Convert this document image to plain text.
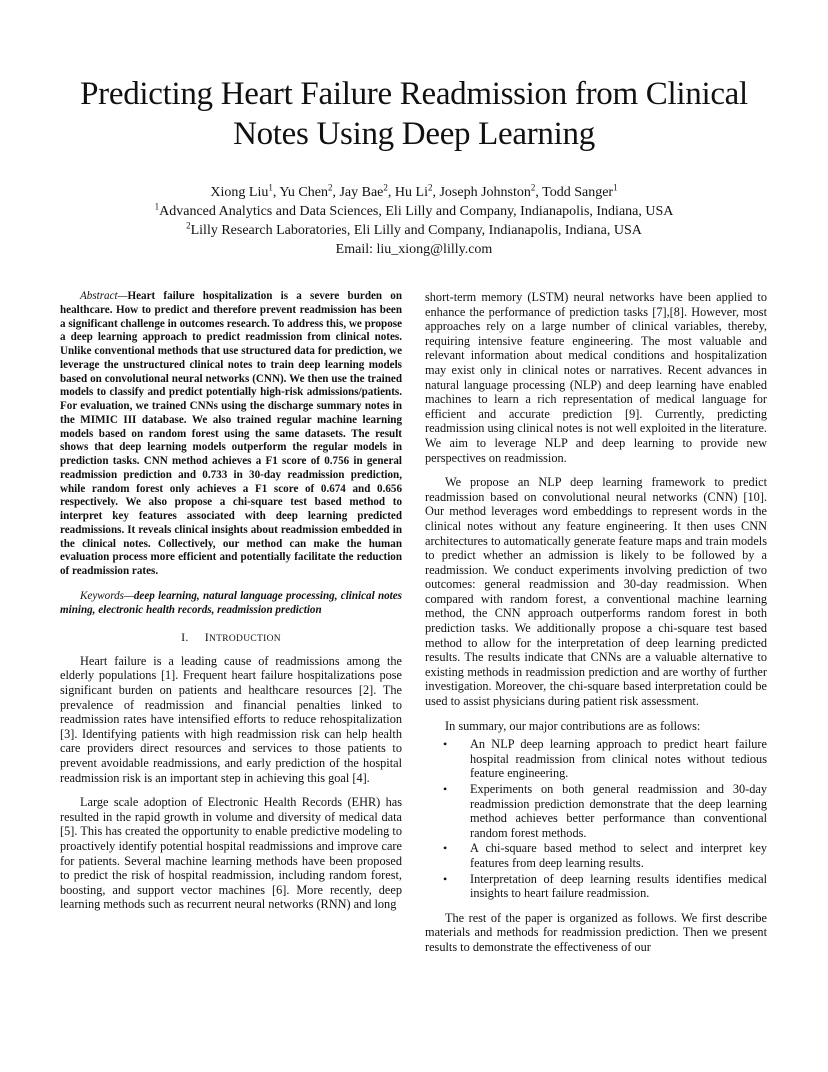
Predicting Heart Failure Readmission from Clinical
Notes Using Deep Learning
Xiong Liu$^1$, Yu Chen$^2$, Jay Bae$^2$, Hu Li$^2$, Joseph Johnston$^2$, Todd Sanger$^1$
$^1$Advanced Analytics and Data Sciences, Eli Lilly and Company, Indianapolis, Indiana, USA
$^2$Lilly Research Laboratories, Eli Lilly and Company, Indianapolis, Indiana, USA
Email: liu_xiong@lilly.com

Abstract—Heart failure hospitalization is a severe burden on healthcare. How to predict and therefore prevent readmission has been a significant challenge in outcomes research. To address this, we propose a deep learning approach to predict readmission from clinical notes. Unlike conventional methods that use structured data for prediction, we leverage the unstructured clinical notes to train deep learning models based on convolutional neural networks (CNN). We then use the trained models to classify and predict potentially high-risk admissions/patients. For evaluation, we trained CNNs using the discharge summary notes in the MIMIC III database. We also trained regular machine learning models based on random forest using the same datasets. The result shows that deep learning models outperform the regular models in prediction tasks. CNN method achieves a F1 score of 0.756 in general readmission prediction and 0.733 in 30-day readmission prediction, while random forest only achieves a F1 score of 0.674 and 0.656 respectively. We also propose a chi-square test based method to interpret key features associated with deep learning predicted readmissions. It reveals clinical insights about readmission embedded in the clinical notes. Collectively, our method can make the human evaluation process more efficient and potentially facilitate the reduction of readmission rates.

Keywords—deep learning, natural language processing, clinical notes mining, electronic health records, readmission prediction

I. INTRODUCTION

Heart failure is a leading cause of readmissions among the elderly populations [1]. Frequent heart failure hospitalizations pose significant burden on patients and healthcare resources [2]. The prevalence of readmission and financial penalties linked to readmission rates have intensified efforts to reduce rehospitalization [3]. Identifying patients with high readmission risk can help health care providers direct resources and services to those patients to prevent avoidable readmissions, and early prediction of the hospital readmission risk is an important step in achieving this goal [4].

Large scale adoption of Electronic Health Records (EHR) has resulted in the rapid growth in volume and diversity of medical data [5]. This has created the opportunity to enable predictive modeling to proactively identify potential hospital readmissions and improve care for patients. Several machine learning methods have been proposed to predict the risk of hospital readmission, including random forest, boosting, and support vector machines [6]. More recently, deep learning methods such as recurrent neural networks (RNN) and long

short-term memory (LSTM) neural networks have been applied to enhance the performance of prediction tasks [7],[8]. However, most approaches rely on a large number of clinical variables, thereby, requiring intensive feature engineering. The most valuable and relevant information about medical conditions and hospitalization may exist only in clinical notes or narratives. Recent advances in natural language processing (NLP) and deep learning have enabled machines to learn a rich representation of medical language for efficient and accurate prediction [9]. Currently, predicting readmission using clinical notes is not well exploited in the literature. We aim to leverage NLP and deep learning to provide new perspectives on readmission.

We propose an NLP deep learning framework to predict readmission based on convolutional neural networks (CNN) [10]. Our method leverages word embeddings to represent words in the clinical notes without any feature engineering. It then uses CNN architectures to automatically generate feature maps and train models to predict whether an admission is likely to be followed by a readmission. We conduct experiments involving prediction of two outcomes: general readmission and 30-day readmission. When compared with random forest, a conventional machine learning method, the CNN approach outperforms random forest in both prediction tasks. We additionally propose a chi-square test based method to allow for the interpretation of deep learning predicted results. The results indicate that CNNs are a valuable alternative to existing methods in readmission prediction and are worthy of further investigation. Moreover, the chi-square based interpretation could be used to assist physicians during patient risk assessment.

In summary, our major contributions are as follows:

• An NLP deep learning approach to predict heart failure hospital readmission from clinical notes without tedious feature engineering.
• Experiments on both general readmission and 30-day readmission prediction demonstrate that the deep learning method achieves better performance than conventional random forest methods.
• A chi-square based method to select and interpret key features from deep learning results.
• Interpretation of deep learning results identifies medical insights to heart failure readmission.

The rest of the paper is organized as follows. We first describe materials and methods for readmission prediction. Then we present results to demonstrate the effectiveness of our
